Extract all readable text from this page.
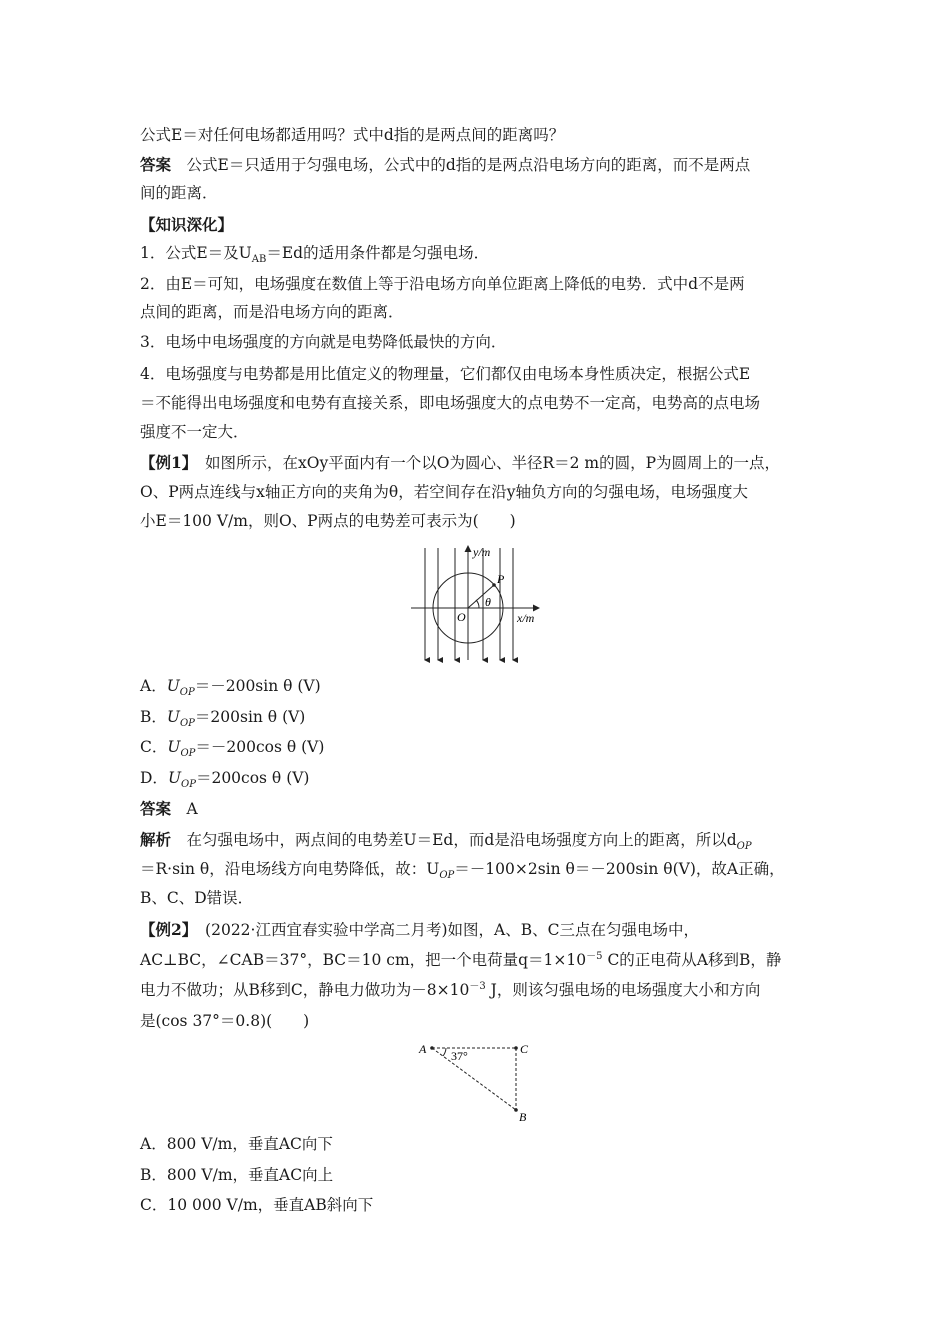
公式E＝对任何电场都适用吗？式中d指的是两点间的距离吗？
答案  公式E＝只适用于匀强电场，公式中的d指的是两点沿电场方向的距离，而不是两点
间的距离．
【知识深化】
1．公式E＝及$U_{AB}=Ed$的适用条件都是匀强电场．
2．由E＝可知，电场强度在数值上等于沿电场方向单位距离上降低的电势．式中d不是两
点间的距离，而是沿电场方向的距离．
3．电场中电场强度的方向就是电势降低最快的方向．
4．电场强度与电势都是用比值定义的物理量，它们都仅由电场本身性质决定，根据公式E
＝不能得出电场强度和电势有直接关系，即电场强度大的点电势不一定高，电势高的点电场
强度不一定大．
【例1】  如图所示，在xOy平面内有一个以O为圆心、半径R＝2 m的圆，P为圆周上的一点，
O、P两点连线与x轴正方向的夹角为θ，若空间存在沿y轴负方向的匀强电场，电场强度大
小E＝100 V/m，则O、P两点的电势差可表示为(　　)
y/m
x/m
O
P
θ
A．$U_{OP}=-200\sin$ θ (V)
B．$U_{OP}=200\sin$ θ (V)
C．$U_{OP}=-200\cos$ θ (V)
D．$U_{OP}=200\cos$ θ (V)
答案  A
解析  在匀强电场中，两点间的电势差U＝Ed，而d是沿电场强度方向上的距离，所以$d_{OP}$
＝R·sin θ，沿电场线方向电势降低，故：$U_{OP}=-100\times 2\sin$ θ＝－200sin θ(V)，故A正确，
B、C、D错误．
【例2】  (2022·江西宜春实验中学高二月考)如图，A、B、C三点在匀强电场中，
AC⊥BC，∠CAB＝37°，BC＝10 cm，把一个电荷量$q=1\times 10^{-5}$ C的正电荷从A移到B，静
电力不做功；从B移到C，静电力做功为$-8\times 10^{-3}$ J，则该匀强电场的电场强度大小和方向
是(cos 37°＝0.8)(　　)
A	C
B
37°
A．800 V/m，垂直AC向下
B．800 V/m，垂直AC向上
C．10 000 V/m，垂直AB斜向下
